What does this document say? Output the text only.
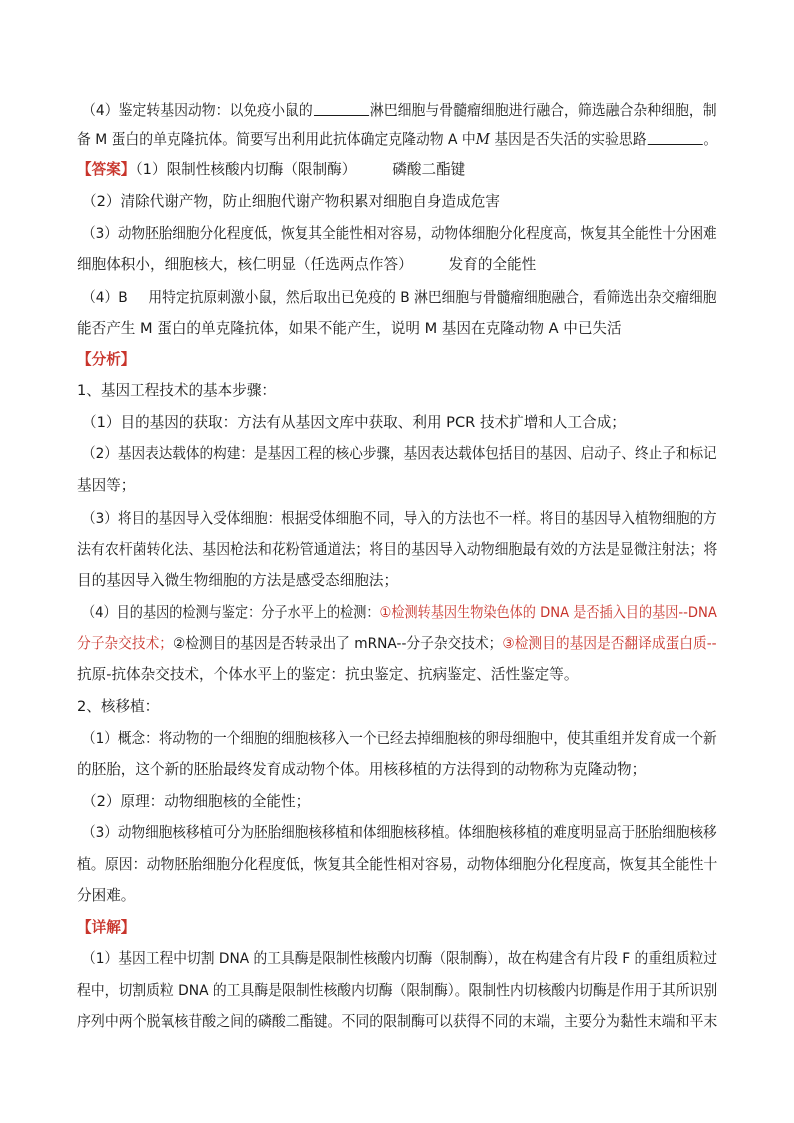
（4）鉴定转基因动物：以免疫小鼠的	淋巴细胞与骨髓瘤细胞进行融合，筛选融合杂种细胞，制
备 M 蛋白的单克隆抗体。简要写出利用此抗体确定克隆动物 A 中M 基因是否失活的实验思路	。
【答案】（1）限制性核酸内切酶（限制酶） 磷酸二酯键
（2）清除代谢产物，防止细胞代谢产物积累对细胞自身造成危害
（3）动物胚胎细胞分化程度低，恢复其全能性相对容易，动物体细胞分化程度高，恢复其全能性十分困难
细胞体积小，细胞核大，核仁明显（任选两点作答） 发育的全能性
（4）B 用特定抗原刺激小鼠，然后取出已免疫的 B 淋巴细胞与骨髓瘤细胞融合，看筛选出杂交瘤细胞
能否产生 M 蛋白的单克隆抗体，如果不能产生，说明 M 基因在克隆动物 A 中已失活
【分析】
1、基因工程技术的基本步骤：
（1）目的基因的获取：方法有从基因文库中获取、利用 PCR 技术扩增和人工合成；
（2）基因表达载体的构建：是基因工程的核心步骤，基因表达载体包括目的基因、启动子、终止子和标记
基因等；
（3）将目的基因导入受体细胞：根据受体细胞不同，导入的方法也不一样。将目的基因导入植物细胞的方
法有农杆菌转化法、基因枪法和花粉管通道法；将目的基因导入动物细胞最有效的方法是显微注射法；将
目的基因导入微生物细胞的方法是感受态细胞法；
（4）目的基因的检测与鉴定：分子水平上的检测：①检测转基因生物染色体的 DNA 是否插入目的基因--DNA
分子杂交技术；②检测目的基因是否转录出了 mRNA--分子杂交技术；③检测目的基因是否翻译成蛋白质--
抗原-抗体杂交技术，个体水平上的鉴定：抗虫鉴定、抗病鉴定、活性鉴定等。
2、核移植：
（1）概念：将动物的一个细胞的细胞核移入一个已经去掉细胞核的卵母细胞中，使其重组并发育成一个新
的胚胎，这个新的胚胎最终发育成动物个体。用核移植的方法得到的动物称为克隆动物；
（2）原理：动物细胞核的全能性；
（3）动物细胞核移植可分为胚胎细胞核移植和体细胞核移植。体细胞核移植的难度明显高于胚胎细胞核移
植。原因：动物胚胎细胞分化程度低，恢复其全能性相对容易，动物体细胞分化程度高，恢复其全能性十
分困难。
【详解】
（1）基因工程中切割 DNA 的工具酶是限制性核酸内切酶（限制酶），故在构建含有片段 F 的重组质粒过
程中，切割质粒 DNA 的工具酶是限制性核酸内切酶（限制酶）。限制性内切核酸内切酶是作用于其所识别
序列中两个脱氧核苷酸之间的磷酸二酯键。不同的限制酶可以获得不同的末端，主要分为黏性末端和平末
